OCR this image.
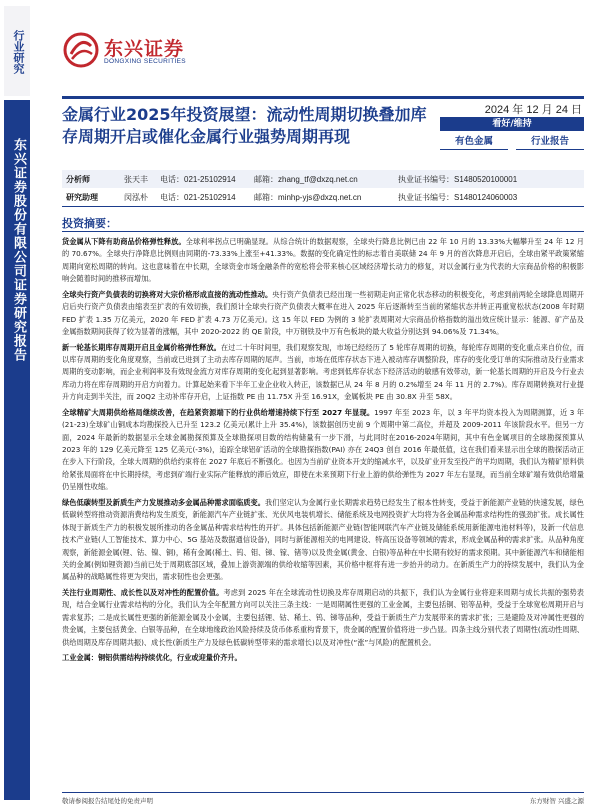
行业研究
东兴证券股份有限公司证券研究报告
东兴证券
DONGXING SECURITIES
金属行业2025年投资展望：流动性周期切换叠加库存周期开启或催化金属行业强势周期再现
2024 年 12 月 24 日
看好/维持
有色金属	行业报告
分析师	张天丰 电话：021-25102914 邮箱：zhang_tf@dxzq.net.cn	执业证书编号：S1480520100001
研究助理	闵泓朴 电话：021-25102914 邮箱：minhp-yjs@dxzq.net.cn	执业证书编号：S1480124060003
投资摘要：

货金属从下降有助商品价格弹性释放。全球利率拐点已明确显现。从综合统计的数据观察，全球央行降息比例已由 22 年 10 月的 13.33%大幅攀升至 24 年 12 月的 70.67%。全球央行净降息比例则由同期的-73.33%上涨至+41.33%。数据的变化确定性的标志着自美联储 24 年 9 月的首次降息开启后，全球由紧平政策紧缩周期向宽松周期的转向。这也意味着在中长期，全球资金市场金融条件的宽松将会带来核心区域经济增长动力的修复，对以金属行业为代表的大宗商品价格的积极影响会随着时间的推移而增加。

全球央行资产负债表的切换将对大宗价格形成直接的流动性推动。央行资产负债表已经出现一些初期走向正常化状态移动的积极变化，考虑到前两轮全球降息周期开启后央行资产负债表由缩表至扩表的有效切换，我们预计全球央行资产负债表大概率在进入 2025 年后逐渐转至当前的紧缩状态并转正再重宽松状态(2008 年时期 FED 扩表 1.35 万亿美元，2020 年 FED 扩表 4.73 万亿美元)。这 15 年以 FED 为例的 3 轮扩表周期对大宗商品价格指数的溢出效应统计显示：能源、矿产品及金属指数期间获得了较为显著的涨幅，其中 2020-2022 的 QE 阶段，中万钢铁及中万有色板块的最大收益分别达到 94.06%及 71.34%。

新一轮基长期库存周期开启且金属价格弹性释放。在过二十年时间里，我们观察发现，市场已经经历了 5 轮库存周期的切换，每轮库存周期的变化重点来自价位，而以库存周期的变化角度观察，当前或已进到了主动去库存周期的尾声。当前，市场在低库存状态下进入被动库存调整阶段，库存的变化受订单的实际推动及行业需求周期的变动影响，而企业利润率及有效现金流方对库存周期的变化起到显著影响。考虑到低库存状态下经济活动的敏感有效带动，新一轮基长周期的开启及今行业去库动力将在库存周期的开启方向着力。计算起始来看下半年工业企业收入转正，该数据已从 24 年 8 月的 0.2%增至 24 年 11 月的 2.7%)。库存周期转换对行业提升方向走到半关注，而 20Q2 主动补库存开启，上证指数 PE 由 11.75X 升至 16.91X，金属板块 PE 由 30.8X 升至 58X。

全球精矿大周期供给格局继续改善，在趋紧资源端下的行业供给增速持续下行至 2027 年显现。1997 年至 2023 年，以 3 年平均资本投入为周期测算，近 3 年(21-23)全球矿山铜成本均勘探投入已升至 123.2 亿美元(累计上升 35.4%)，该数据创历史前 9 个周期中第二高位，并超及 2009-2011 年该阶段水平。但另一方面，2024 年最新的数据显示全球金属勘探预算及全球勘探项目数的结构储量有一步下滑，与此同时在2016-2024年期间，其中有色金属项目的全球勘探预算从 2023 年的 129 亿美元降至 125 亿美元(-3%)，追踪全球铝矿活动的全球勘探指数(PAI) 亦在 24Q3 创自 2016 年最低值，这在我们看来显示出全球的勘探活动正在步入下行阶段，全球大周期的供给约束将在 2027 年底后不断强化。也因为当前矿业资本开支的缩减水平，以及矿业开发至投产的平均周期，我们认为精矿原料供给紧张局面将在中长期持续，考虑到矿端行业实际产能释放的滞后效应，即使在未来预期下行业上游的供给弹性为 2027 年左右显现，而当前全球矿端有效供给增量仍呈刚性收缩。

绿色低碳转型及新质生产力发展推动多金属品种需求面临质变。我们坚定认为金属行业长期需求趋势已经发生了根本性转变，受益于新能源产业链的快速发展，绿色低碳转型将推动资源消费结构发生质变，新能源汽车产业链扩张、光伏风电装机增长、储能系统及电网投资扩大均将为各金属品种需求结构性的强劲扩张。成长属性体现于新质生产力的积极发展所推动的各金属品种需求结构性的开扩。具体包括新能源产业链(智能网联汽车产业链及储能系统用新能源电池材料等)，及新一代信息技术产业链(人工智能技术、算力中心、5G 基站及数据通信设备)，同时与新能源相关的电网建设、特高压设备等领域的需求，形成金属品种的需求扩张。从品种角度观察，新能源金属(锂、钴、镍、铜)，稀有金属(稀土、钨、钼、锑、镓、锗等)以及贵金属(黄金、白银)等品种在中长期有较好的需求预期。其中新能源汽车和储能相关的金属(例如锂资源)当前已处于周期底部区域，叠加上游资源端的供给收缩等因素，其价格中枢将有进一步抬升的动力。在新质生产力的持续发展中，我们认为金属品种的战略属性将更为突出，需求韧性也会更强。

关注行业周期性、成长性以及对冲性的配置价值。考虑到 2025 年在全球流动性切换及库存周期启动的共振下，我们认为金属行业将迎来周期与成长共振的强势表现，结合金属行业需求结构的分化，我们认为全年配置方向可以关注三条主线：一是周期属性更强的工业金属，主要包括铜、铝等品种，受益于全球宽松周期开启与需求复苏；二是成长属性更强的新能源金属及小金属，主要包括锂、钴、稀土、钨、锑等品种，受益于新质生产力发展带来的需求扩张；三是避险及对冲属性更强的贵金属，主要包括黄金、白银等品种，在全球地缘政治风险持续及货币体系重构背景下，贵金属的配置价值将进一步凸显。四条主线分别代表了周期性(流动性周期、供给周期及库存周期共振)、成长性(新质生产力及绿色低碳转型带来的需求增长)以及对冲性(“涨”与风险)的配置机会。

工业金属：铜铝供需结构持续优化，行业或迎量价齐升。

敬请参阅报告结尾处的免责声明	东方财智 兴盛之源
